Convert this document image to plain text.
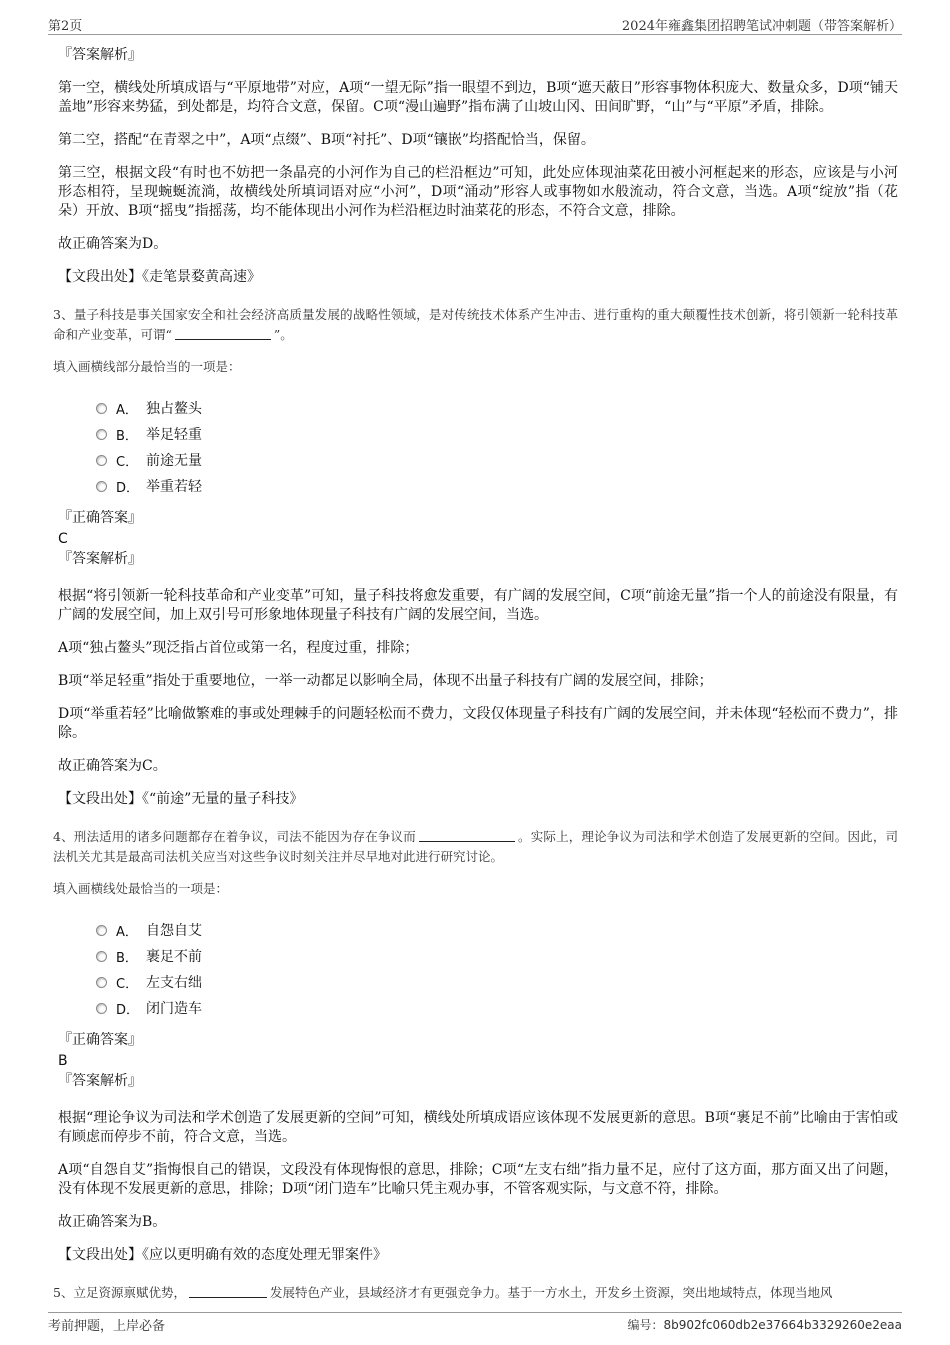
第2页	2024年雍鑫集团招聘笔试冲刺题（带答案解析）
『答案解析』

第一空，横线处所填成语与“平原地带”对应，A项“一望无际”指一眼望不到边，B项“遮天蔽日”形容事物体积庞大、数量众多，D项“铺天盖地”形容来势猛，到处都是，均符合文意，保留。C项“漫山遍野”指布满了山坡山冈、田间旷野，“山”与“平原”矛盾，排除。

第二空，搭配“在青翠之中”，A项“点缀”、B项“衬托”、D项“镶嵌”均搭配恰当，保留。

第三空，根据文段“有时也不妨把一条晶亮的小河作为自己的栏沿框边”可知，此处应体现油菜花田被小河框起来的形态，应该是与小河形态相符，呈现蜿蜒流淌，故横线处所填词语对应“小河”，D项“涌动”形容人或事物如水般流动，符合文意，当选。A项“绽放”指（花朵）开放、B项“摇曳”指摇荡，均不能体现出小河作为栏沿框边时油菜花的形态，不符合文意，排除。

故正确答案为D。

【文段出处】《走笔景婺黄高速》

3、量子科技是事关国家安全和社会经济高质量发展的战略性领域，是对传统技术体系产生冲击、进行重构的重大颠覆性技术创新，将引领新一轮科技革命和产业变革，可谓“	”。

填入画横线部分最恰当的一项是：
A． 独占鳌头
B． 举足轻重
C． 前途无量
D． 举重若轻
『正确答案』
C
『答案解析』

根据“将引领新一轮科技革命和产业变革”可知，量子科技将愈发重要，有广阔的发展空间，C项“前途无量”指一个人的前途没有限量，有广阔的发展空间，加上双引号可形象地体现量子科技有广阔的发展空间，当选。

A项“独占鳌头”现泛指占首位或第一名，程度过重，排除；

B项“举足轻重”指处于重要地位，一举一动都足以影响全局，体现不出量子科技有广阔的发展空间，排除；

D项“举重若轻”比喻做繁难的事或处理棘手的问题轻松而不费力，文段仅体现量子科技有广阔的发展空间，并未体现“轻松而不费力”，排除。

故正确答案为C。

【文段出处】《“前途”无量的量子科技》

4、刑法适用的诸多问题都存在着争议，司法不能因为存在争议而	。实际上，理论争议为司法和学术创造了发展更新的空间。因此，司法机关尤其是最高司法机关应当对这些争议时刻关注并尽早地对此进行研究讨论。

填入画横线处最恰当的一项是：
A． 自怨自艾
B． 裹足不前
C． 左支右绌
D． 闭门造车
『正确答案』
B
『答案解析』

根据“理论争议为司法和学术创造了发展更新的空间”可知，横线处所填成语应该体现不发展更新的意思。B项“裹足不前”比喻由于害怕或有顾虑而停步不前，符合文意，当选。

A项“自怨自艾”指悔恨自己的错误，文段没有体现悔恨的意思，排除；C项“左支右绌”指力量不足，应付了这方面，那方面又出了问题，没有体现不发展更新的意思，排除；D项“闭门造车”比喻只凭主观办事，不管客观实际，与文意不符，排除。

故正确答案为B。

【文段出处】《应以更明确有效的态度处理无罪案件》

5、立足资源禀赋优势，	发展特色产业，县域经济才有更强竞争力。基于一方水土，开发乡土资源，突出地域特点，体现当地风

考前押题，上岸必备	编号：8b902fc060db2e37664b3329260e2eaa
